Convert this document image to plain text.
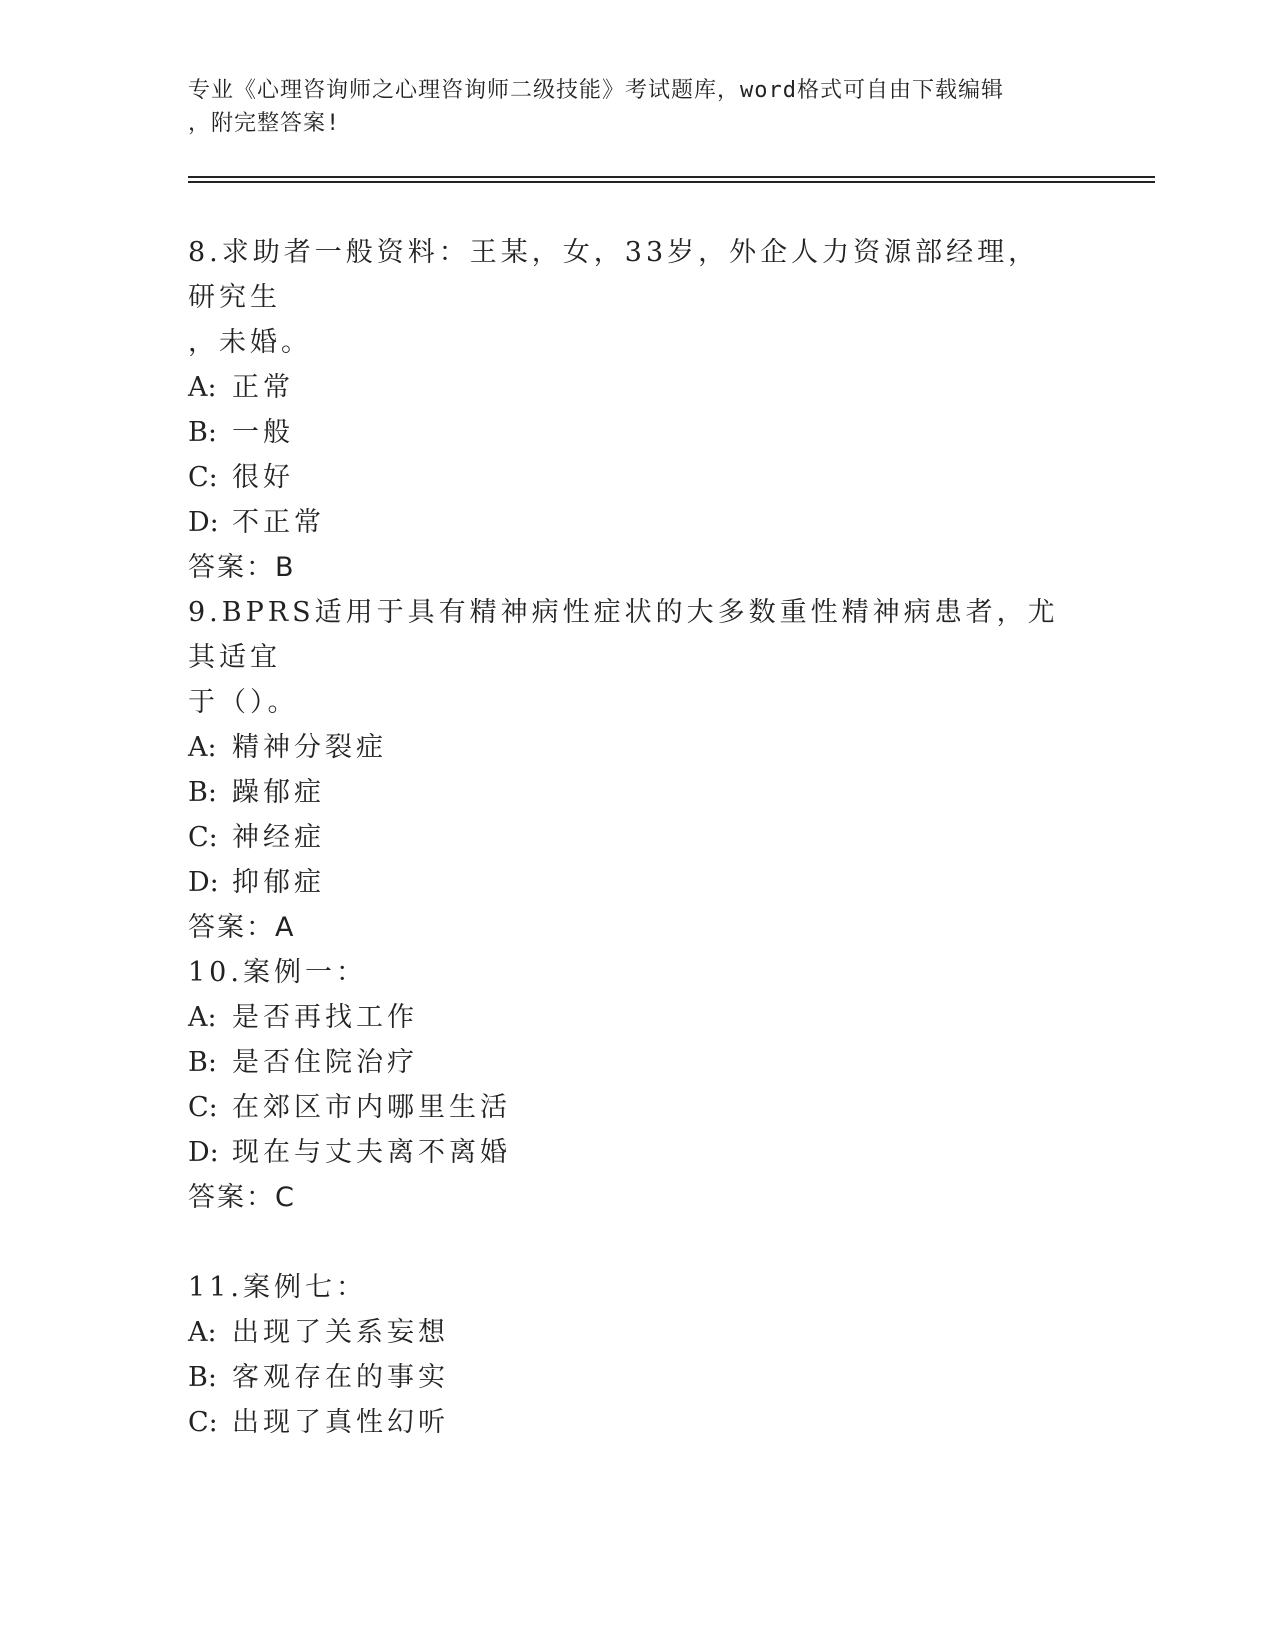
专业《心理咨询师之心理咨询师二级技能》考试题库，word格式可自由下载编辑
，附完整答案!
8.求助者一般资料：王某，女，33岁，外企人力资源部经理，研究生
，未婚。
A: 正常
B: 一般
C: 很好
D: 不正常
答案：B
9.BPRS适用于具有精神病性症状的大多数重性精神病患者，尤其适宜
于（）。
A: 精神分裂症
B: 躁郁症
C: 神经症
D: 抑郁症
答案：A
10.案例一：
A: 是否再找工作
B: 是否住院治疗
C: 在郊区市内哪里生活
D: 现在与丈夫离不离婚
答案：C
11.案例七：
A: 出现了关系妄想
B: 客观存在的事实
C: 出现了真性幻听
